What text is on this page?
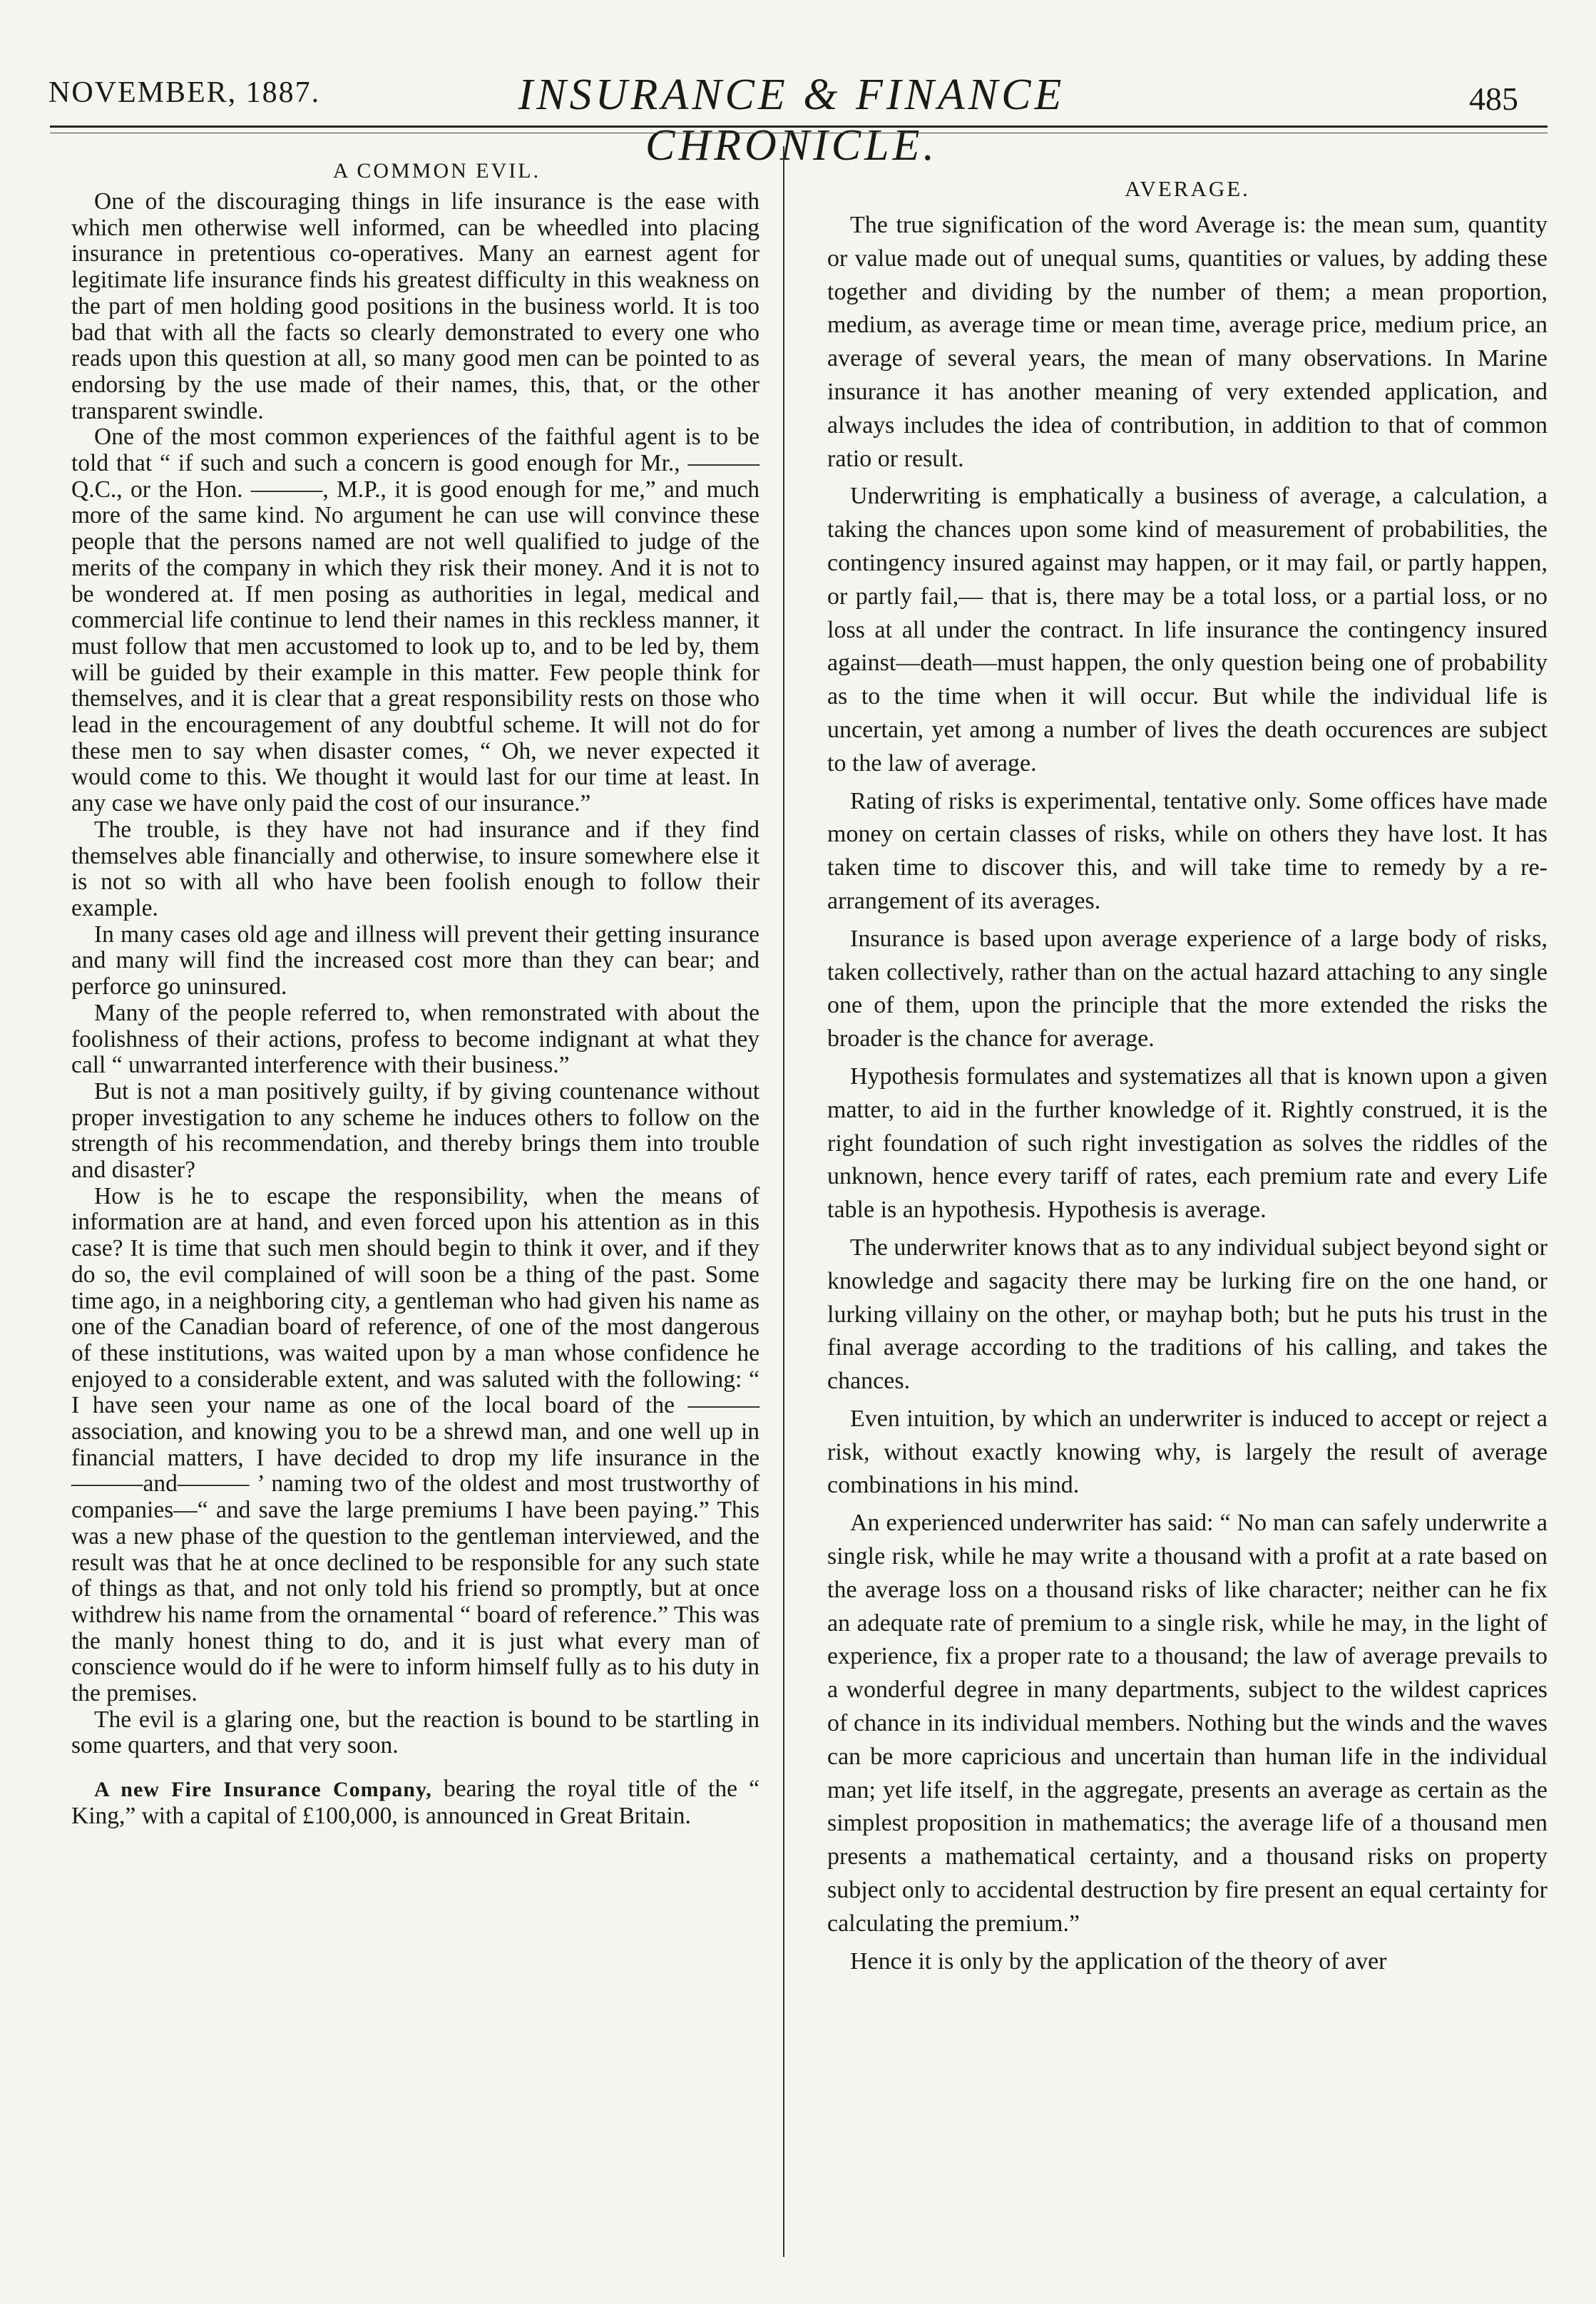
NOVEMBER, 1887.	INSURANCE & FINANCE CHRONICLE.
485
A COMMON EVIL.

One of the discouraging things in life insurance is the ease with which men otherwise well informed, can be wheedled into placing insurance in pretentious co-operatives. Many an earnest agent for legitimate life insurance finds his greatest difficulty in this weakness on the part of men holding good positions in the business world. It is too bad that with all the facts so clearly demonstrated to every one who reads upon this question at all, so many good men can be pointed to as endorsing by the use made of their names, this, that, or the other transparent swindle.

One of the most common experiences of the faithful agent is to be told that “ if such and such a concern is good enough for Mr., ——— Q.C., or the Hon. ———, M.P., it is good enough for me,” and much more of the same kind. No argument he can use will convince these people that the persons named are not well qualified to judge of the merits of the company in which they risk their money. And it is not to be wondered at. If men posing as authorities in legal, medical and commercial life continue to lend their names in this reckless manner, it must follow that men accustomed to look up to, and to be led by, them will be guided by their example in this matter. Few people think for themselves, and it is clear that a great responsibility rests on those who lead in the encouragement of any doubtful scheme. It will not do for these men to say when disaster comes, “ Oh, we never expected it would come to this. We thought it would last for our time at least. In any case we have only paid the cost of our insurance.”

The trouble, is they have not had insurance and if they find themselves able financially and otherwise, to insure somewhere else it is not so with all who have been foolish enough to follow their example.

In many cases old age and illness will prevent their getting insurance and many will find the increased cost more than they can bear; and perforce go uninsured.

Many of the people referred to, when remonstrated with about the foolishness of their actions, profess to become indignant at what they call “ unwarranted interference with their business.”

But is not a man positively guilty, if by giving countenance without proper investigation to any scheme he induces others to follow on the strength of his recommendation, and thereby brings them into trouble and disaster?

How is he to escape the responsibility, when the means of information are at hand, and even forced upon his attention as in this case? It is time that such men should begin to think it over, and if they do so, the evil complained of will soon be a thing of the past. Some time ago, in a neighboring city, a gentleman who had given his name as one of the Canadian board of reference, of one of the most dangerous of these institutions, was waited upon by a man whose confidence he enjoyed to a considerable extent, and was saluted with the following: “ I have seen your name as one of the local board of the ——— association, and knowing you to be a shrewd man, and one well up in financial matters, I have decided to drop my life insurance in the———and——— ’ naming two of the oldest and most trustworthy of companies—“ and save the large premiums I have been paying.” This was a new phase of the question to the gentleman interviewed, and the result was that he at once declined to be responsible for any such state of things as that, and not only told his friend so promptly, but at once withdrew his name from the ornamental “ board of reference.” This was the manly honest thing to do, and it is just what every man of conscience would do if he were to inform himself fully as to his duty in the premises.

The evil is a glaring one, but the reaction is bound to be startling in some quarters, and that very soon.

A new Fire Insurance Company, bearing the royal title of the “ King,” with a capital of £100,000, is announced in Great Britain.

AVERAGE.

The true signification of the word Average is: the mean sum, quantity or value made out of unequal sums, quantities or values, by adding these together and dividing by the number of them; a mean proportion, medium, as average time or mean time, average price, medium price, an average of several years, the mean of many observations. In Marine insurance it has another meaning of very extended application, and always includes the idea of contribution, in addition to that of common ratio or result.

Underwriting is emphatically a business of average, a calculation, a taking the chances upon some kind of measurement of probabilities, the contingency insured against may happen, or it may fail, or partly happen, or partly fail,— that is, there may be a total loss, or a partial loss, or no loss at all under the contract. In life insurance the contingency insured against—death—must happen, the only question being one of probability as to the time when it will occur. But while the individual life is uncertain, yet among a number of lives the death occurences are subject to the law of average.

Rating of risks is experimental, tentative only. Some offices have made money on certain classes of risks, while on others they have lost. It has taken time to discover this, and will take time to remedy by a re-arrangement of its averages.

Insurance is based upon average experience of a large body of risks, taken collectively, rather than on the actual hazard attaching to any single one of them, upon the principle that the more extended the risks the broader is the chance for average.

Hypothesis formulates and systematizes all that is known upon a given matter, to aid in the further knowledge of it. Rightly construed, it is the right foundation of such right investigation as solves the riddles of the unknown, hence every tariff of rates, each premium rate and every Life table is an hypothesis. Hypothesis is average.

The underwriter knows that as to any individual subject beyond sight or knowledge and sagacity there may be lurking fire on the one hand, or lurking villainy on the other, or mayhap both; but he puts his trust in the final average according to the traditions of his calling, and takes the chances.

Even intuition, by which an underwriter is induced to accept or reject a risk, without exactly knowing why, is largely the result of average combinations in his mind.

An experienced underwriter has said: “ No man can safely underwrite a single risk, while he may write a thousand with a profit at a rate based on the average loss on a thousand risks of like character; neither can he fix an adequate rate of premium to a single risk, while he may, in the light of experience, fix a proper rate to a thousand; the law of average prevails to a wonderful degree in many departments, subject to the wildest caprices of chance in its individual members. Nothing but the winds and the waves can be more capricious and uncertain than human life in the individual man; yet life itself, in the aggregate, presents an average as certain as the simplest proposition in mathematics; the average life of a thousand men presents a mathematical certainty, and a thousand risks on property subject only to accidental destruction by fire present an equal certainty for calculating the premium.”

Hence it is only by the application of the theory of aver
